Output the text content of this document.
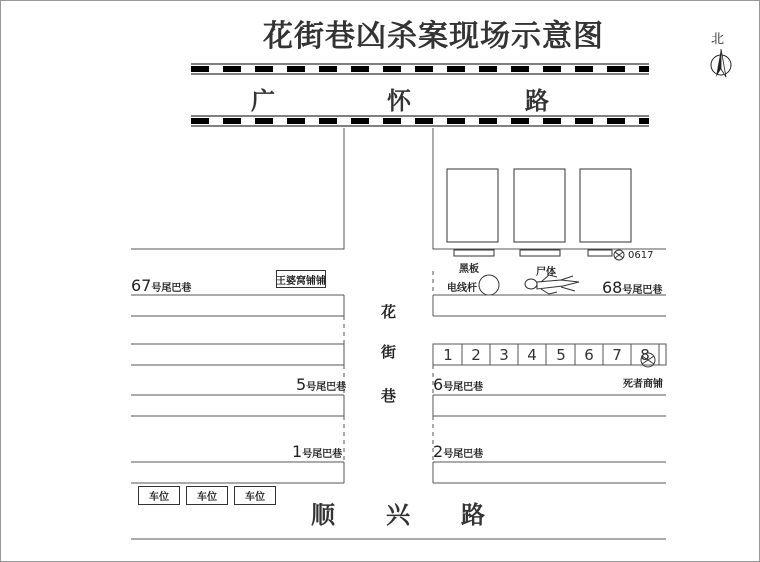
花街巷凶杀案现场示意图	北
广	怀	路
顺 兴 路
花
街
巷
67号尾巴巷	68号尾巴巷
5号尾巴巷	6号尾巴巷
1号尾巴巷	2号尾巴巷
王婆窝铺铺
黑板
电线杆
尸体
0617
死者商铺
1	2	3	4	5	6	7	8
车位	车位	车位
